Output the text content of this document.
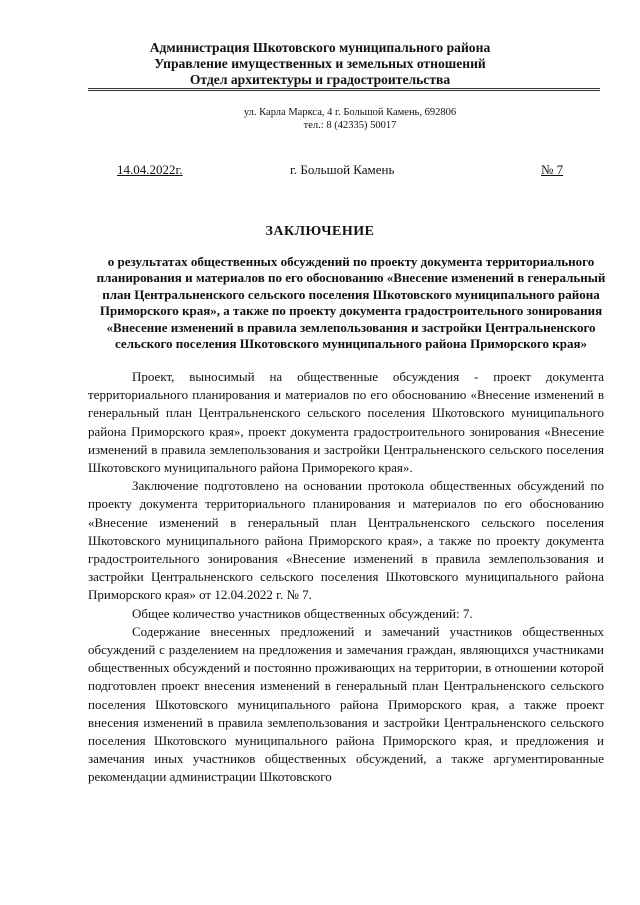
Администрация Шкотовского муниципального района
Управление имущественных и земельных отношений
Отдел архитектуры и градостроительства
ул. Карла Маркса, 4 г. Большой Камень, 692806
тел.: 8 (42335) 50017
14.04.2022г.	г. Большой Камень	№ 7
ЗАКЛЮЧЕНИЕ
о результатах общественных обсуждений по проекту документа территориального планирования и материалов по его обоснованию «Внесение изменений в генеральный план Центральненского сельского поселения Шкотовского муниципального района Приморского края», а также по проекту документа градостроительного зонирования «Внесение изменений в правила землепользования и застройки Центральненского сельского поселения Шкотовского муниципального района Приморского края»

Проект, выносимый на общественные обсуждения - проект документа территориального планирования и материалов по его обоснованию «Внесение изменений в генеральный план Центральненского сельского поселения Шкотовского муниципального района Приморского края», проект документа градостроительного зонирования «Внесение изменений в правила землепользования и застройки Центральненского сельского поселения Шкотовского муниципального района Приморекого края».

Заключение подготовлено на основании протокола общественных обсуждений по проекту документа территориального планирования и материалов по его обоснованию «Внесение изменений в генеральный план Центральненского сельского поселения Шкотовского муниципального района Приморского края», а также по проекту документа градостроительного зонирования «Внесение изменений в правила землепользования и застройки Центральненского сельского поселения Шкотовского муниципального района Приморского края» от 12.04.2022 г. № 7.

Общее количество участников общественных обсуждений: 7.

Содержание внесенных предложений и замечаний участников общественных обсуждений с разделением на предложения и замечания граждан, являющихся участниками общественных обсуждений и постоянно проживающих на территории, в отношении которой подготовлен проект внесения изменений в генеральный план Центральненского сельского поселения Шкотовского муниципального района Приморского края, а также проект внесения изменений в правила землепользования и застройки Центральненского сельского поселения Шкотовского муниципального района Приморского края, и предложения и замечания иных участников общественных обсуждений, а также аргументированные рекомендации администрации Шкотовского
